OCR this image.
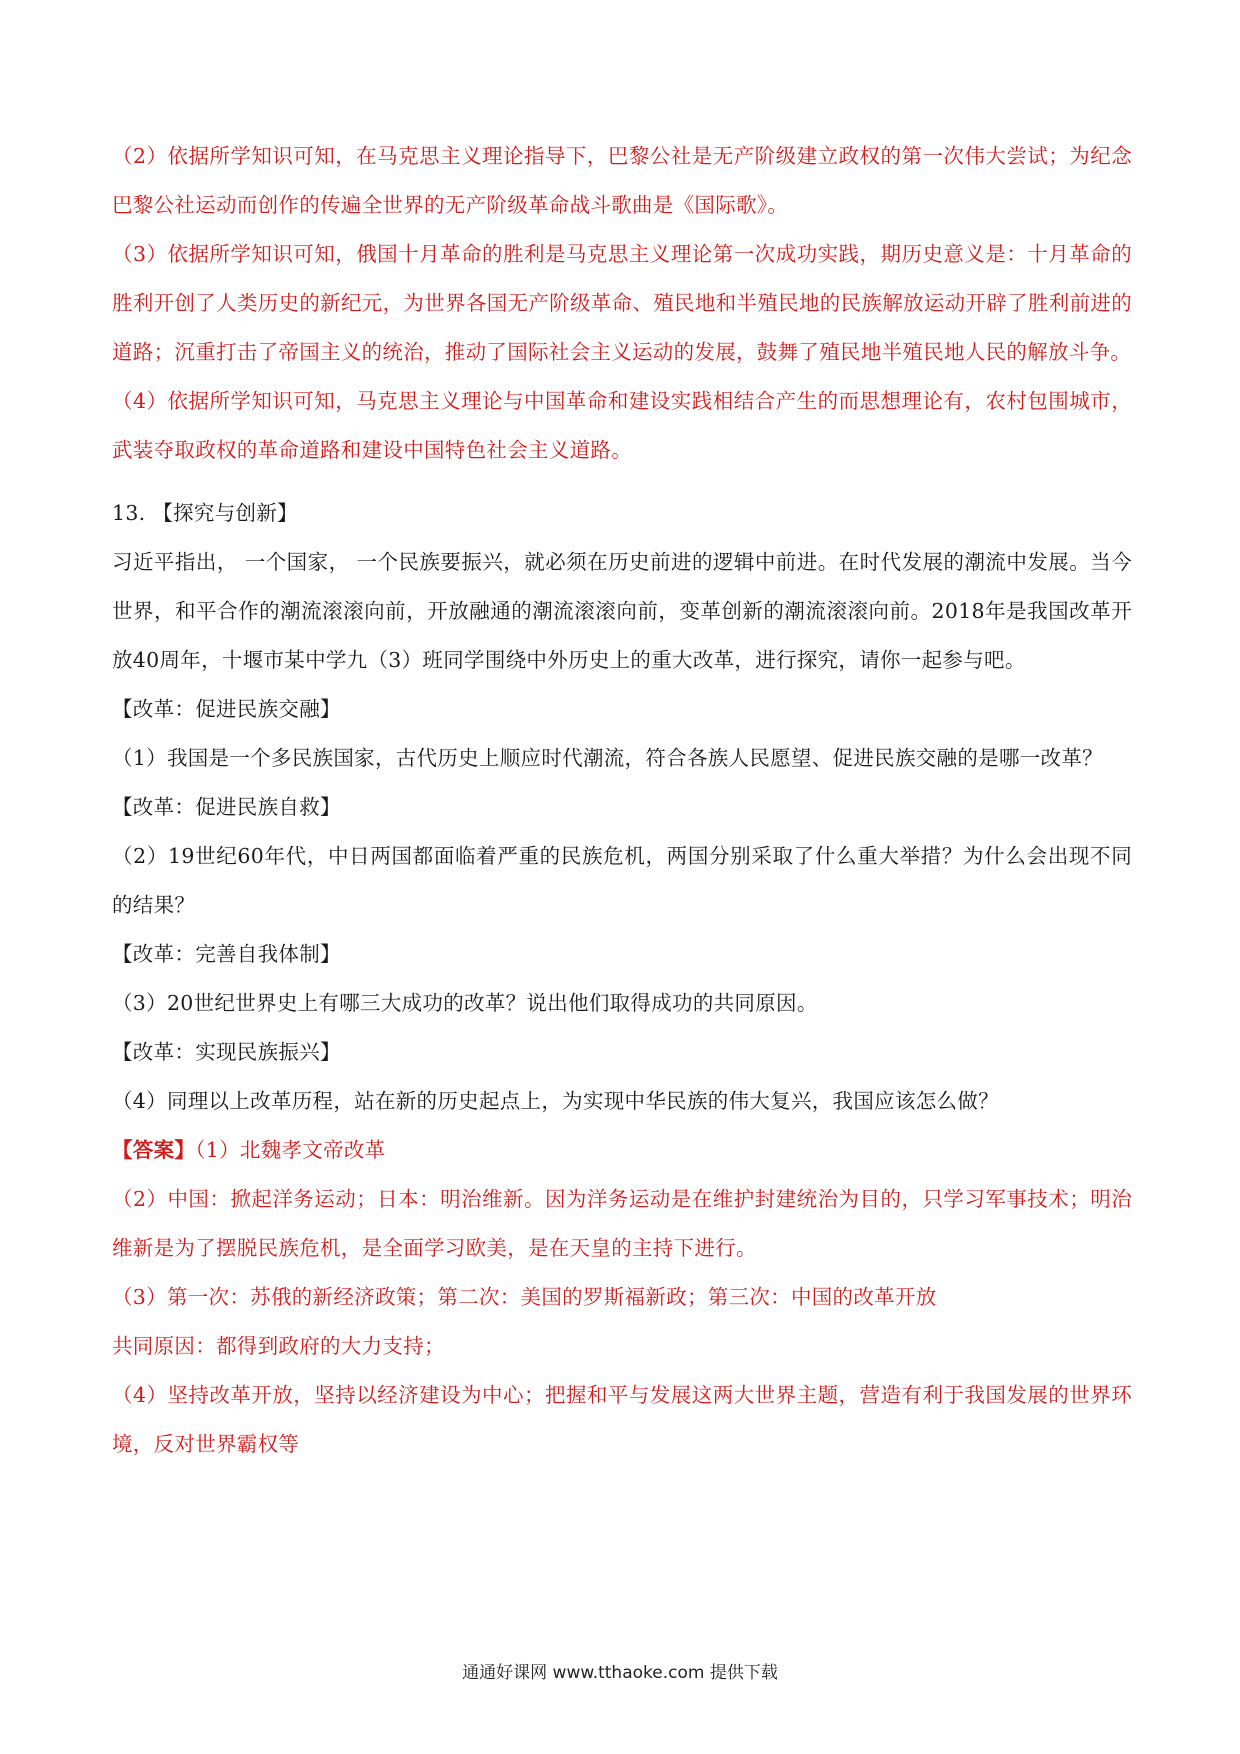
（2）依据所学知识可知，在马克思主义理论指导下，巴黎公社是无产阶级建立政权的第一次伟大尝试；为纪念巴黎公社运动而创作的传遍全世界的无产阶级革命战斗歌曲是《国际歌》。

（3）依据所学知识可知，俄国十月革命的胜利是马克思主义理论第一次成功实践，期历史意义是：十月革命的胜利开创了人类历史的新纪元，为世界各国无产阶级革命、殖民地和半殖民地的民族解放运动开辟了胜利前进的道路；沉重打击了帝国主义的统治，推动了国际社会主义运动的发展，鼓舞了殖民地半殖民地人民的解放斗争。

（4）依据所学知识可知，马克思主义理论与中国革命和建设实践相结合产生的而思想理论有，农村包围城市，武装夺取政权的革命道路和建设中国特色社会主义道路。

13. 【探究与创新】

习近平指出， 一个国家， 一个民族要振兴，就必须在历史前进的逻辑中前进。在时代发展的潮流中发展。当今世界，和平合作的潮流滚滚向前，开放融通的潮流滚滚向前，变革创新的潮流滚滚向前。2018年是我国改革开放40周年，十堰市某中学九（3）班同学围绕中外历史上的重大改革，进行探究，请你一起参与吧。

【改革：促进民族交融】

（1）我国是一个多民族国家，古代历史上顺应时代潮流，符合各族人民愿望、促进民族交融的是哪一改革？

【改革：促进民族自救】

（2）19世纪60年代，中日两国都面临着严重的民族危机，两国分别采取了什么重大举措？为什么会出现不同的结果？

【改革：完善自我体制】

（3）20世纪世界史上有哪三大成功的改革？说出他们取得成功的共同原因。

【改革：实现民族振兴】

（4）同理以上改革历程，站在新的历史起点上，为实现中华民族的伟大复兴，我国应该怎么做？

【答案】（1）北魏孝文帝改革

（2）中国：掀起洋务运动；日本：明治维新。因为洋务运动是在维护封建统治为目的，只学习军事技术；明治维新是为了摆脱民族危机，是全面学习欧美，是在天皇的主持下进行。

（3）第一次：苏俄的新经济政策；第二次：美国的罗斯福新政；第三次：中国的改革开放

共同原因：都得到政府的大力支持；

（4）坚持改革开放，坚持以经济建设为中心；把握和平与发展这两大世界主题，营造有利于我国发展的世界环境，反对世界霸权等

通通好课网 www.tthaoke.com 提供下载
